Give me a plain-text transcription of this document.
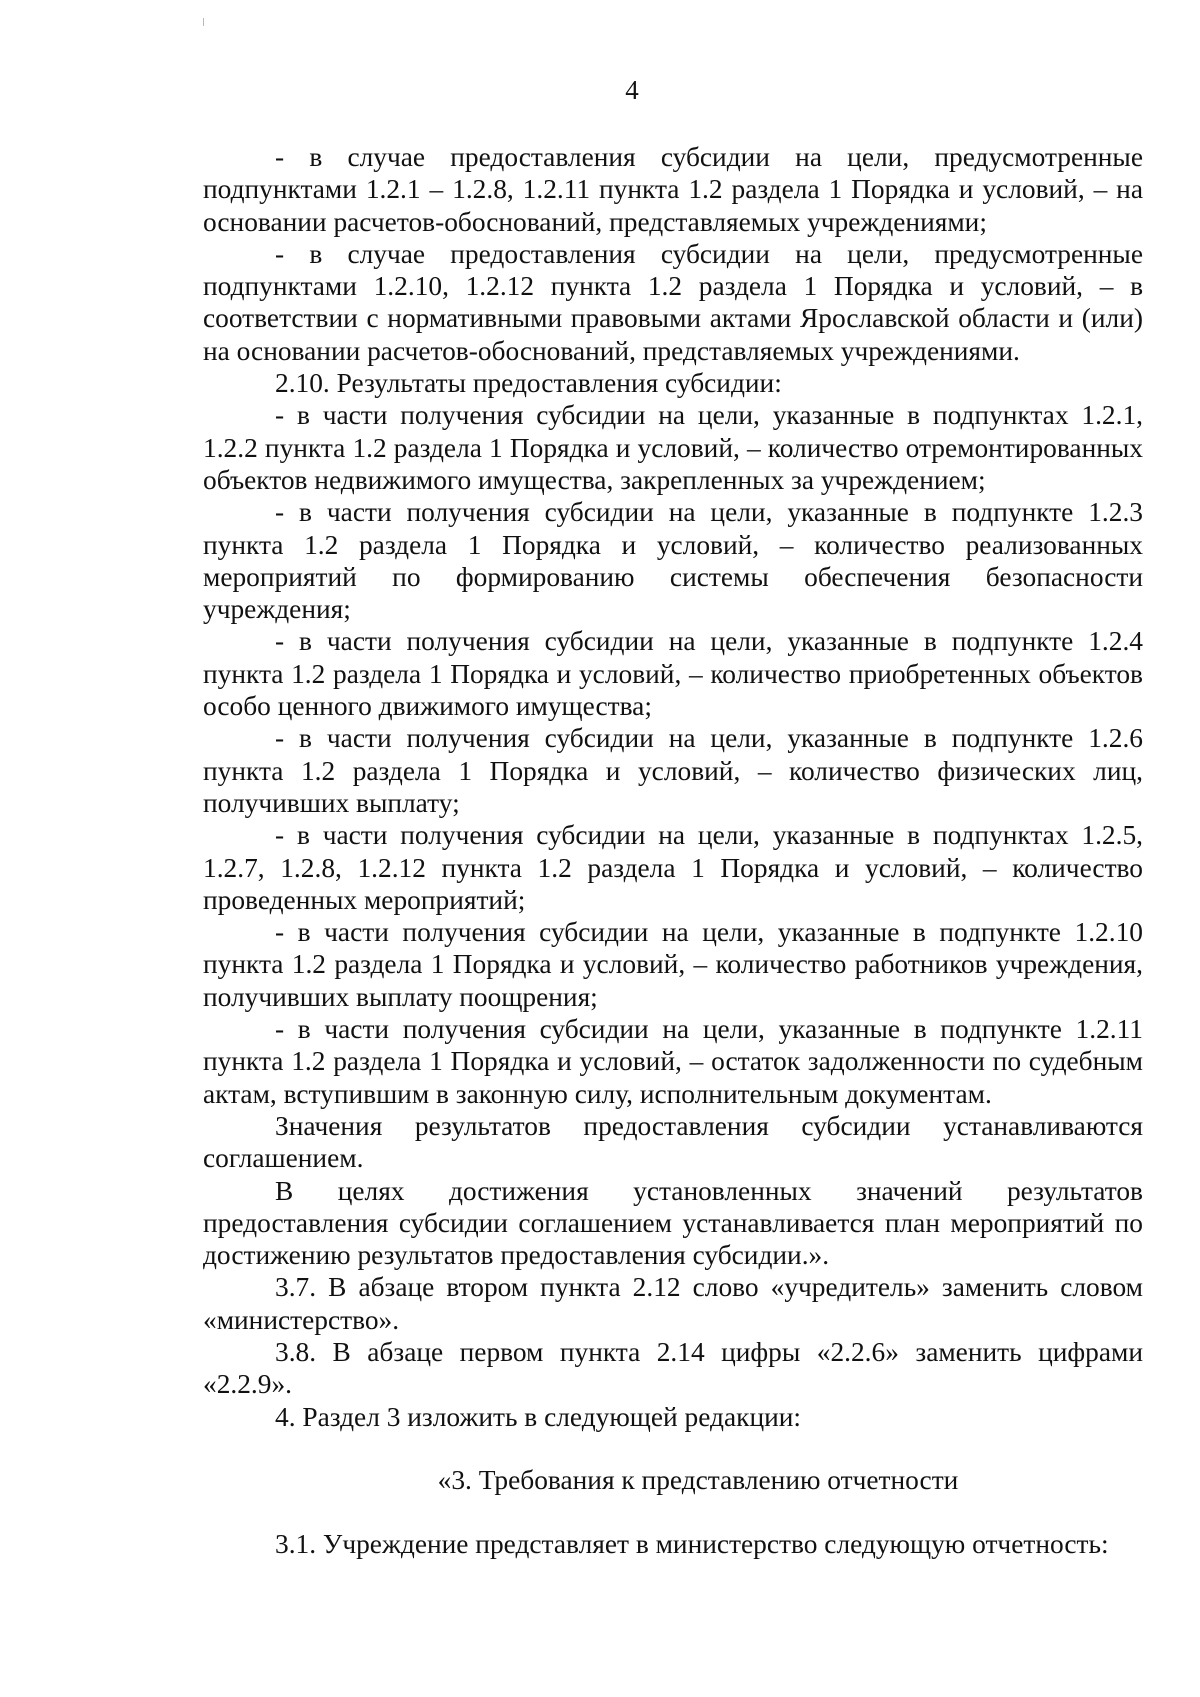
4

- в случае предоставления субсидии на цели, предусмотренные подпунктами 1.2.1 – 1.2.8, 1.2.11 пункта 1.2 раздела 1 Порядка и условий, – на основании расчетов-обоснований, представляемых учреждениями;

- в случае предоставления субсидии на цели, предусмотренные подпунктами 1.2.10, 1.2.12 пункта 1.2 раздела 1 Порядка и условий, – в соответствии с нормативными правовыми актами Ярославской области и (или) на основании расчетов-обоснований, представляемых учреждениями.

2.10. Результаты предоставления субсидии:

- в части получения субсидии на цели, указанные в подпунктах 1.2.1, 1.2.2 пункта 1.2 раздела 1 Порядка и условий, – количество отремонтированных объектов недвижимого имущества, закрепленных за учреждением;

- в части получения субсидии на цели, указанные в подпункте 1.2.3 пункта 1.2 раздела 1 Порядка и условий, – количество реализованных мероприятий по формированию системы обеспечения безопасности учреждения;

- в части получения субсидии на цели, указанные в подпункте 1.2.4 пункта 1.2 раздела 1 Порядка и условий, – количество приобретенных объектов особо ценного движимого имущества;

- в части получения субсидии на цели, указанные в подпункте 1.2.6 пункта 1.2 раздела 1 Порядка и условий, – количество физических лиц, получивших выплату;

- в части получения субсидии на цели, указанные в подпунктах 1.2.5, 1.2.7, 1.2.8, 1.2.12 пункта 1.2 раздела 1 Порядка и условий, – количество проведенных мероприятий;

- в части получения субсидии на цели, указанные в подпункте 1.2.10 пункта 1.2 раздела 1 Порядка и условий, – количество работников учреждения, получивших выплату поощрения;

- в части получения субсидии на цели, указанные в подпункте 1.2.11 пункта 1.2 раздела 1 Порядка и условий, – остаток задолженности по судебным актам, вступившим в законную силу, исполнительным документам.

Значения результатов предоставления субсидии устанавливаются соглашением.

В целях достижения установленных значений результатов предоставления субсидии соглашением устанавливается план мероприятий по достижению результатов предоставления субсидии.».

3.7. В абзаце втором пункта 2.12 слово «учредитель» заменить словом «министерство».

3.8. В абзаце первом пункта 2.14 цифры «2.2.6» заменить цифрами «2.2.9».

4. Раздел 3 изложить в следующей редакции:

«3. Требования к представлению отчетности

3.1. Учреждение представляет в министерство следующую отчетность:
